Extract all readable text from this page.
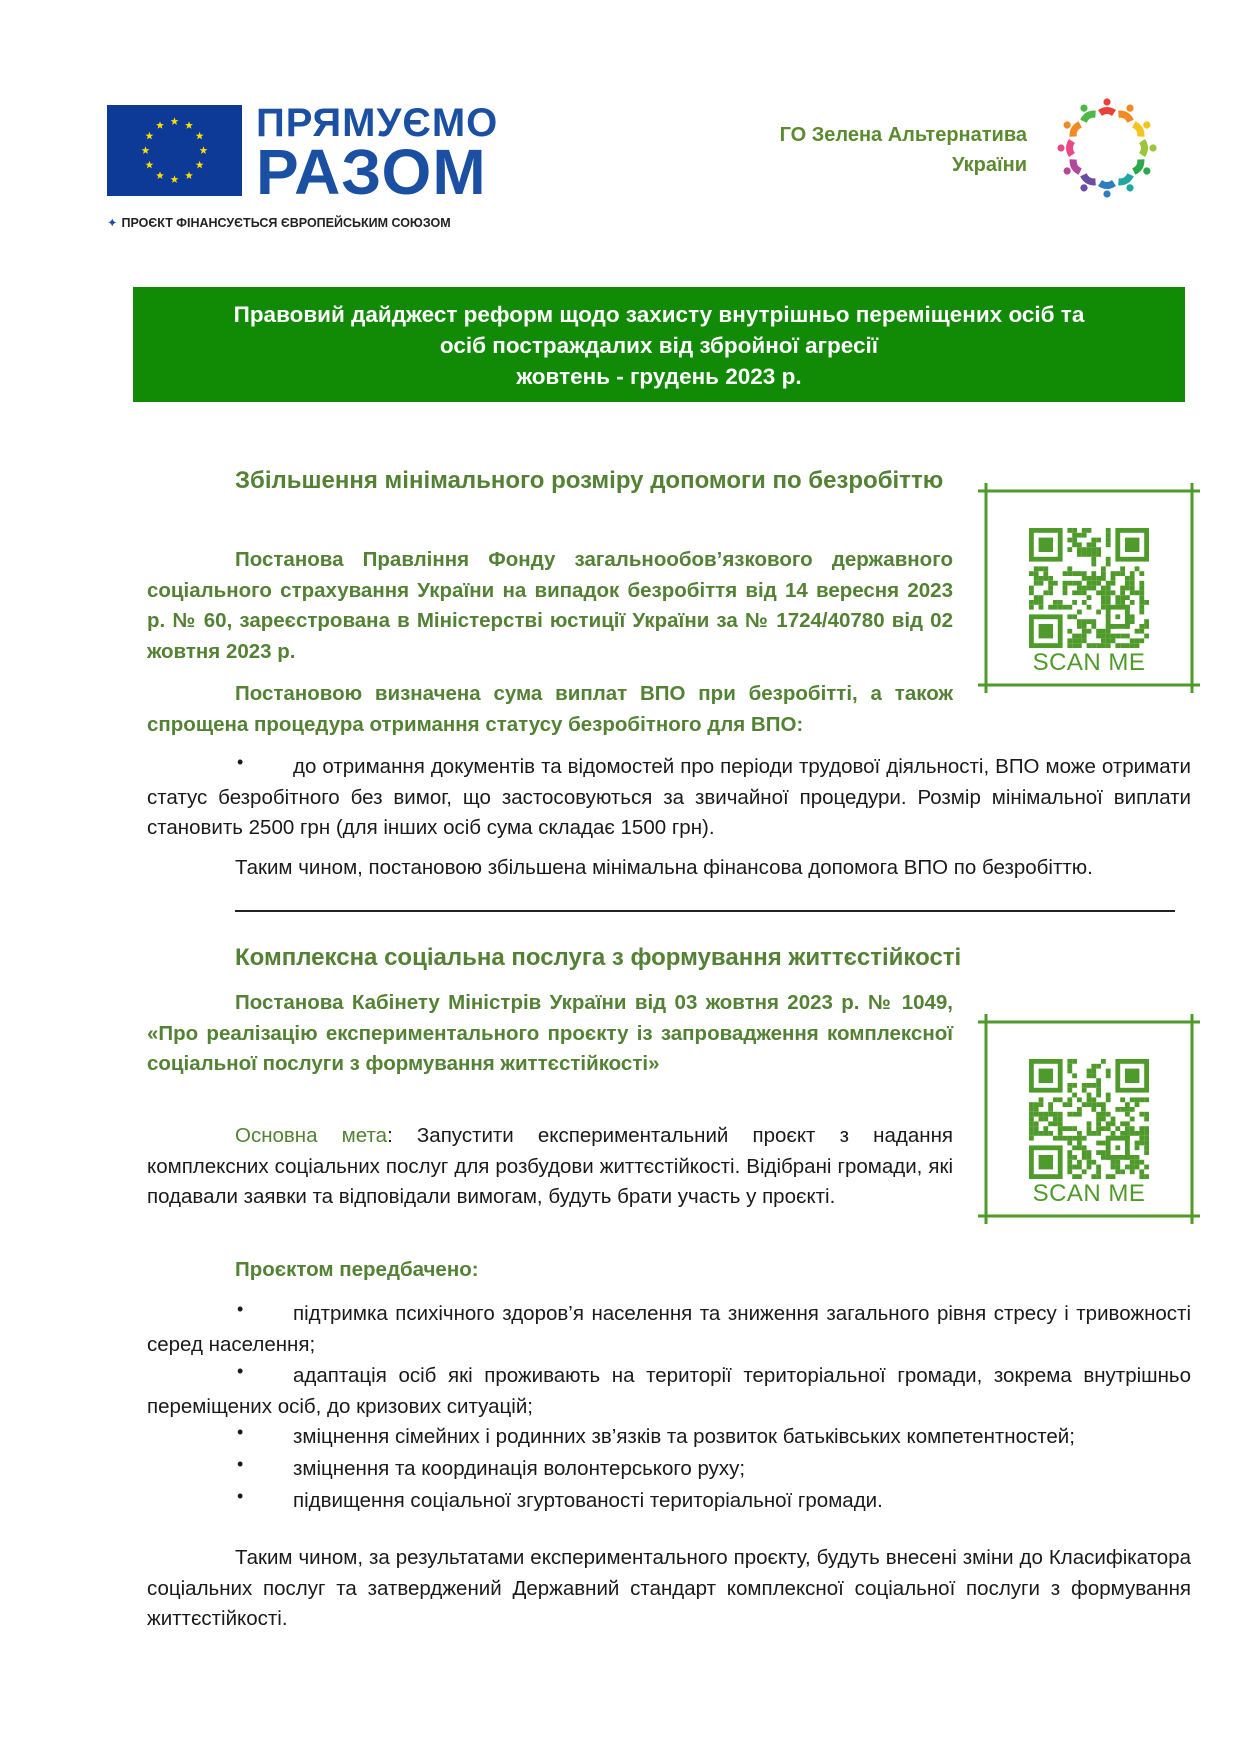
ПРЯМУЄМО
РАЗОМ
✦ ПРОЄКТ ФІНАНСУЄТЬСЯ ЄВРОПЕЙСЬКИМ СОЮЗОМ
ГО Зелена Альтернатива
України
Правовий дайджест реформ щодо захисту внутрішньо переміщених осіб та
осіб постраждалих від збройної агресії
жовтень - грудень 2023 р.
Збільшення мінімального розміру допомоги по безробіттю
Постанова Правління Фонду загальнообов’язкового державного соціального страхування України на випадок безробіття від 14 вересня 2023 р. № 60, зареєстрована в Міністерстві юстиції України за № 1724/40780 від 02 жовтня 2023 р.
Постановою визначена сума виплат ВПО при безробітті, а також спрощена процедура отримання статусу безробітного для ВПО:
SCAN ME
•	до отримання документів та відомостей про періоди трудової діяльності, ВПО може отримати статус безробітного без вимог, що застосовуються за звичайної процедури. Розмір мінімальної виплати становить 2500 грн (для інших осіб сума складає 1500 грн).
Таким чином, постановою збільшена мінімальна фінансова допомога ВПО по безробіттю.
Комплексна соціальна послуга з формування життєстійкості
Постанова Кабінету Міністрів України від 03 жовтня 2023 р. № 1049, «Про реалізацію експериментального проєкту із запровадження комплексної соціальної послуги з формування життєстійкості»
Основна мета: Запустити експериментальний проєкт з надання комплексних соціальних послуг для розбудови життєстійкості. Відібрані громади, які подавали заявки та відповідали вимогам, будуть брати участь у проєкті.	SCAN ME
Проєктом передбачено:
•	підтримка психічного здоров’я населення та зниження загального рівня стресу і тривожності серед населення;
•	адаптація осіб які проживають на території територіальної громади, зокрема внутрішньо переміщених осіб, до кризових ситуацій;
• зміцнення сімейних і родинних зв’язків та розвиток батьківських компетентностей;
• зміцнення та координація волонтерського руху;
• підвищення соціальної згуртованості територіальної громади.
Таким чином, за результатами експериментального проєкту, будуть внесені зміни до Класифікатора соціальних послуг та затверджений Державний стандарт комплексної соціальної послуги з формування життєстійкості.
